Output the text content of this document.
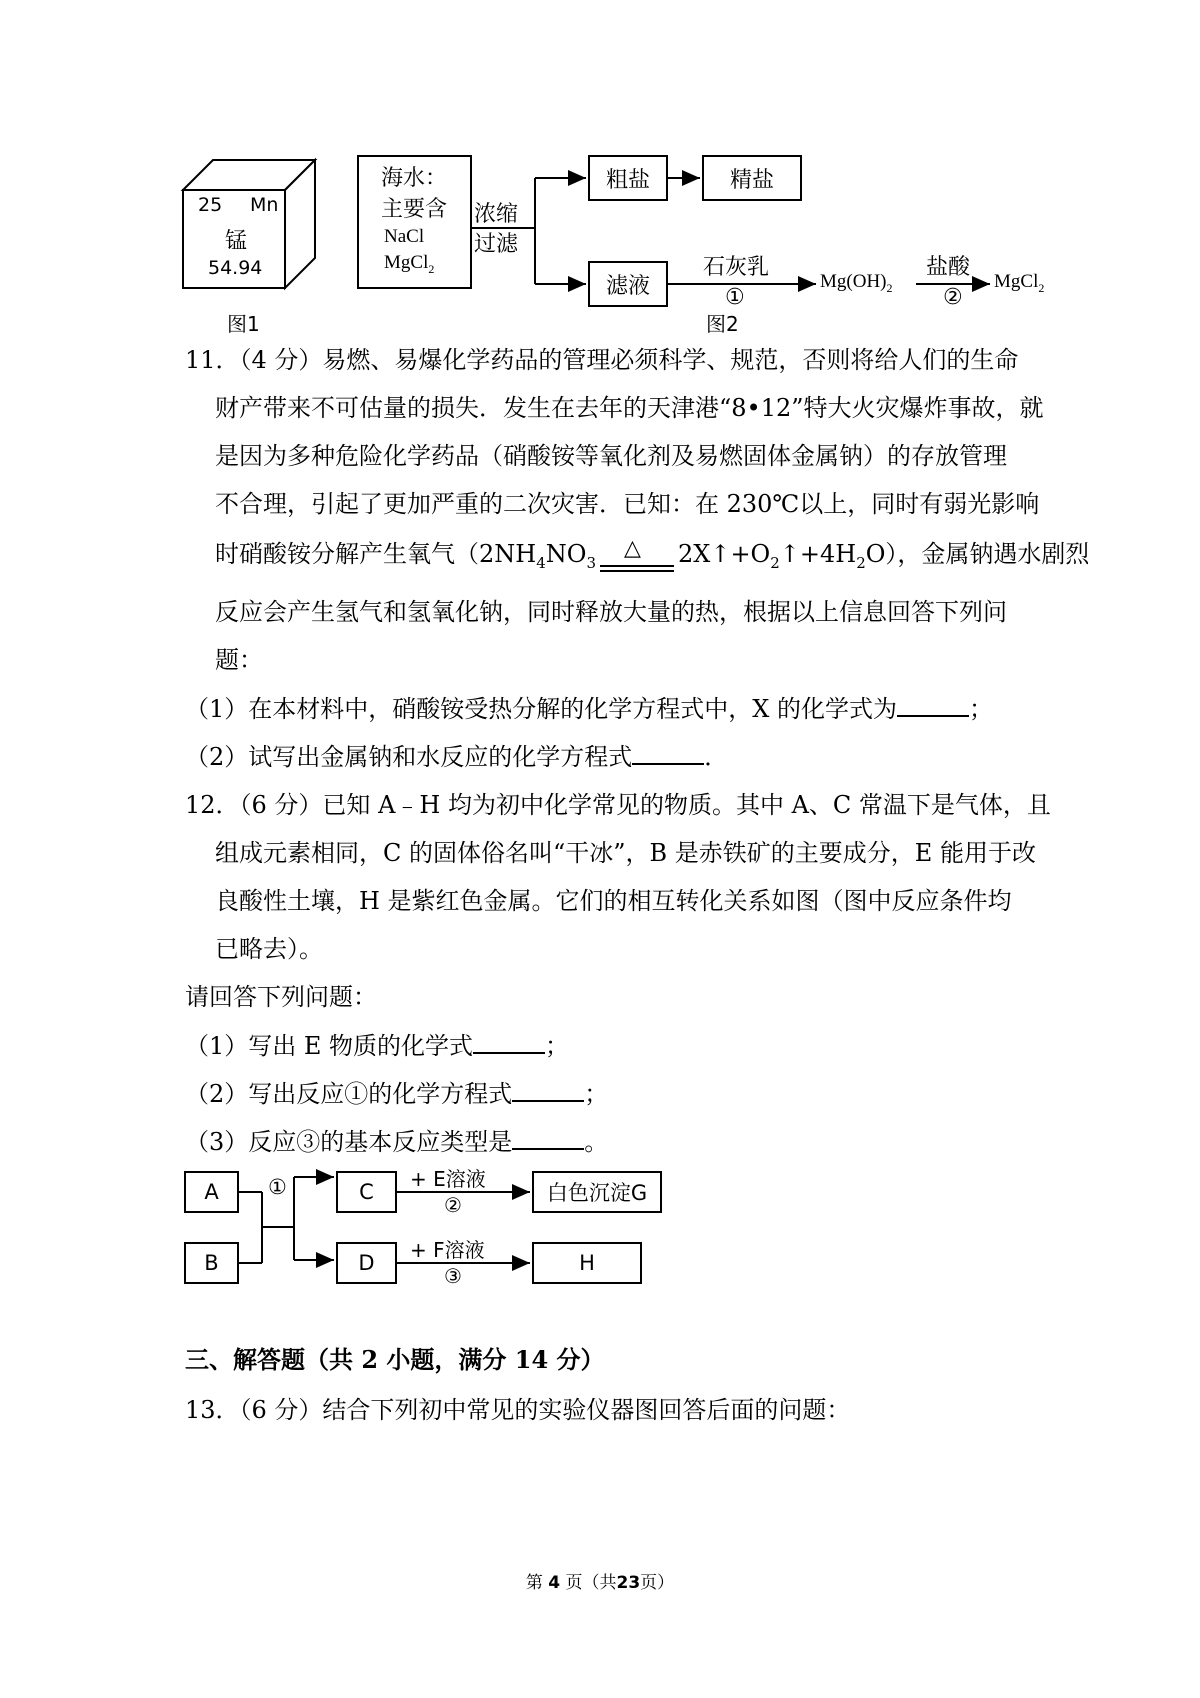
25 Mn
锰
54.94
图1
海水：
主要含
NaCl
MgCl$_2$
浓缩
过滤
粗盐	精盐
滤液
石灰乳
①
$Mg(OH)_2$
盐酸
②
MgCl$_2$
图2
11．（4 分）易燃、易爆化学药品的管理必须科学、规范，否则将给人们的生命
财产带来不可估量的损失．发生在去年的天津港“8•12”特大火灾爆炸事故，就
是因为多种危险化学药品（硝酸铵等氧化剂及易燃固体金属钠）的存放管理
不合理，引起了更加严重的二次灾害．已知：在 230℃以上，同时有弱光影响
时硝酸铵分解产生氧气（$2NH_4NO_3$
△ $2X↑+O_2↑+4H_2O$），金属钠遇水剧烈
反应会产生氢气和氢氧化钠，同时释放大量的热，根据以上信息回答下列问
题：
（1）在本材料中，硝酸铵受热分解的化学方程式中，X 的化学式为	；
（2）试写出金属钠和水反应的化学方程式	．
12．（6 分）已知 A﹣H 均为初中化学常见的物质。其中 A、C 常温下是气体，且
组成元素相同，C 的固体俗名叫“干冰”，B 是赤铁矿的主要成分，E 能用于改
良酸性土壤，H 是紫红色金属。它们的相互转化关系如图（图中反应条件均
已略去）。
请回答下列问题：
（1）写出 E 物质的化学式	；
（2）写出反应①的化学方程式	；
（3）反应③的基本反应类型是	。
A
B
①	C
D
+ E溶液
②
+ F溶液
③
白色沉淀G
H
三、解答题（共 2 小题，满分 14 分）
13．（6 分）结合下列初中常见的实验仪器图回答后面的问题：
第 4 页（共23页）
